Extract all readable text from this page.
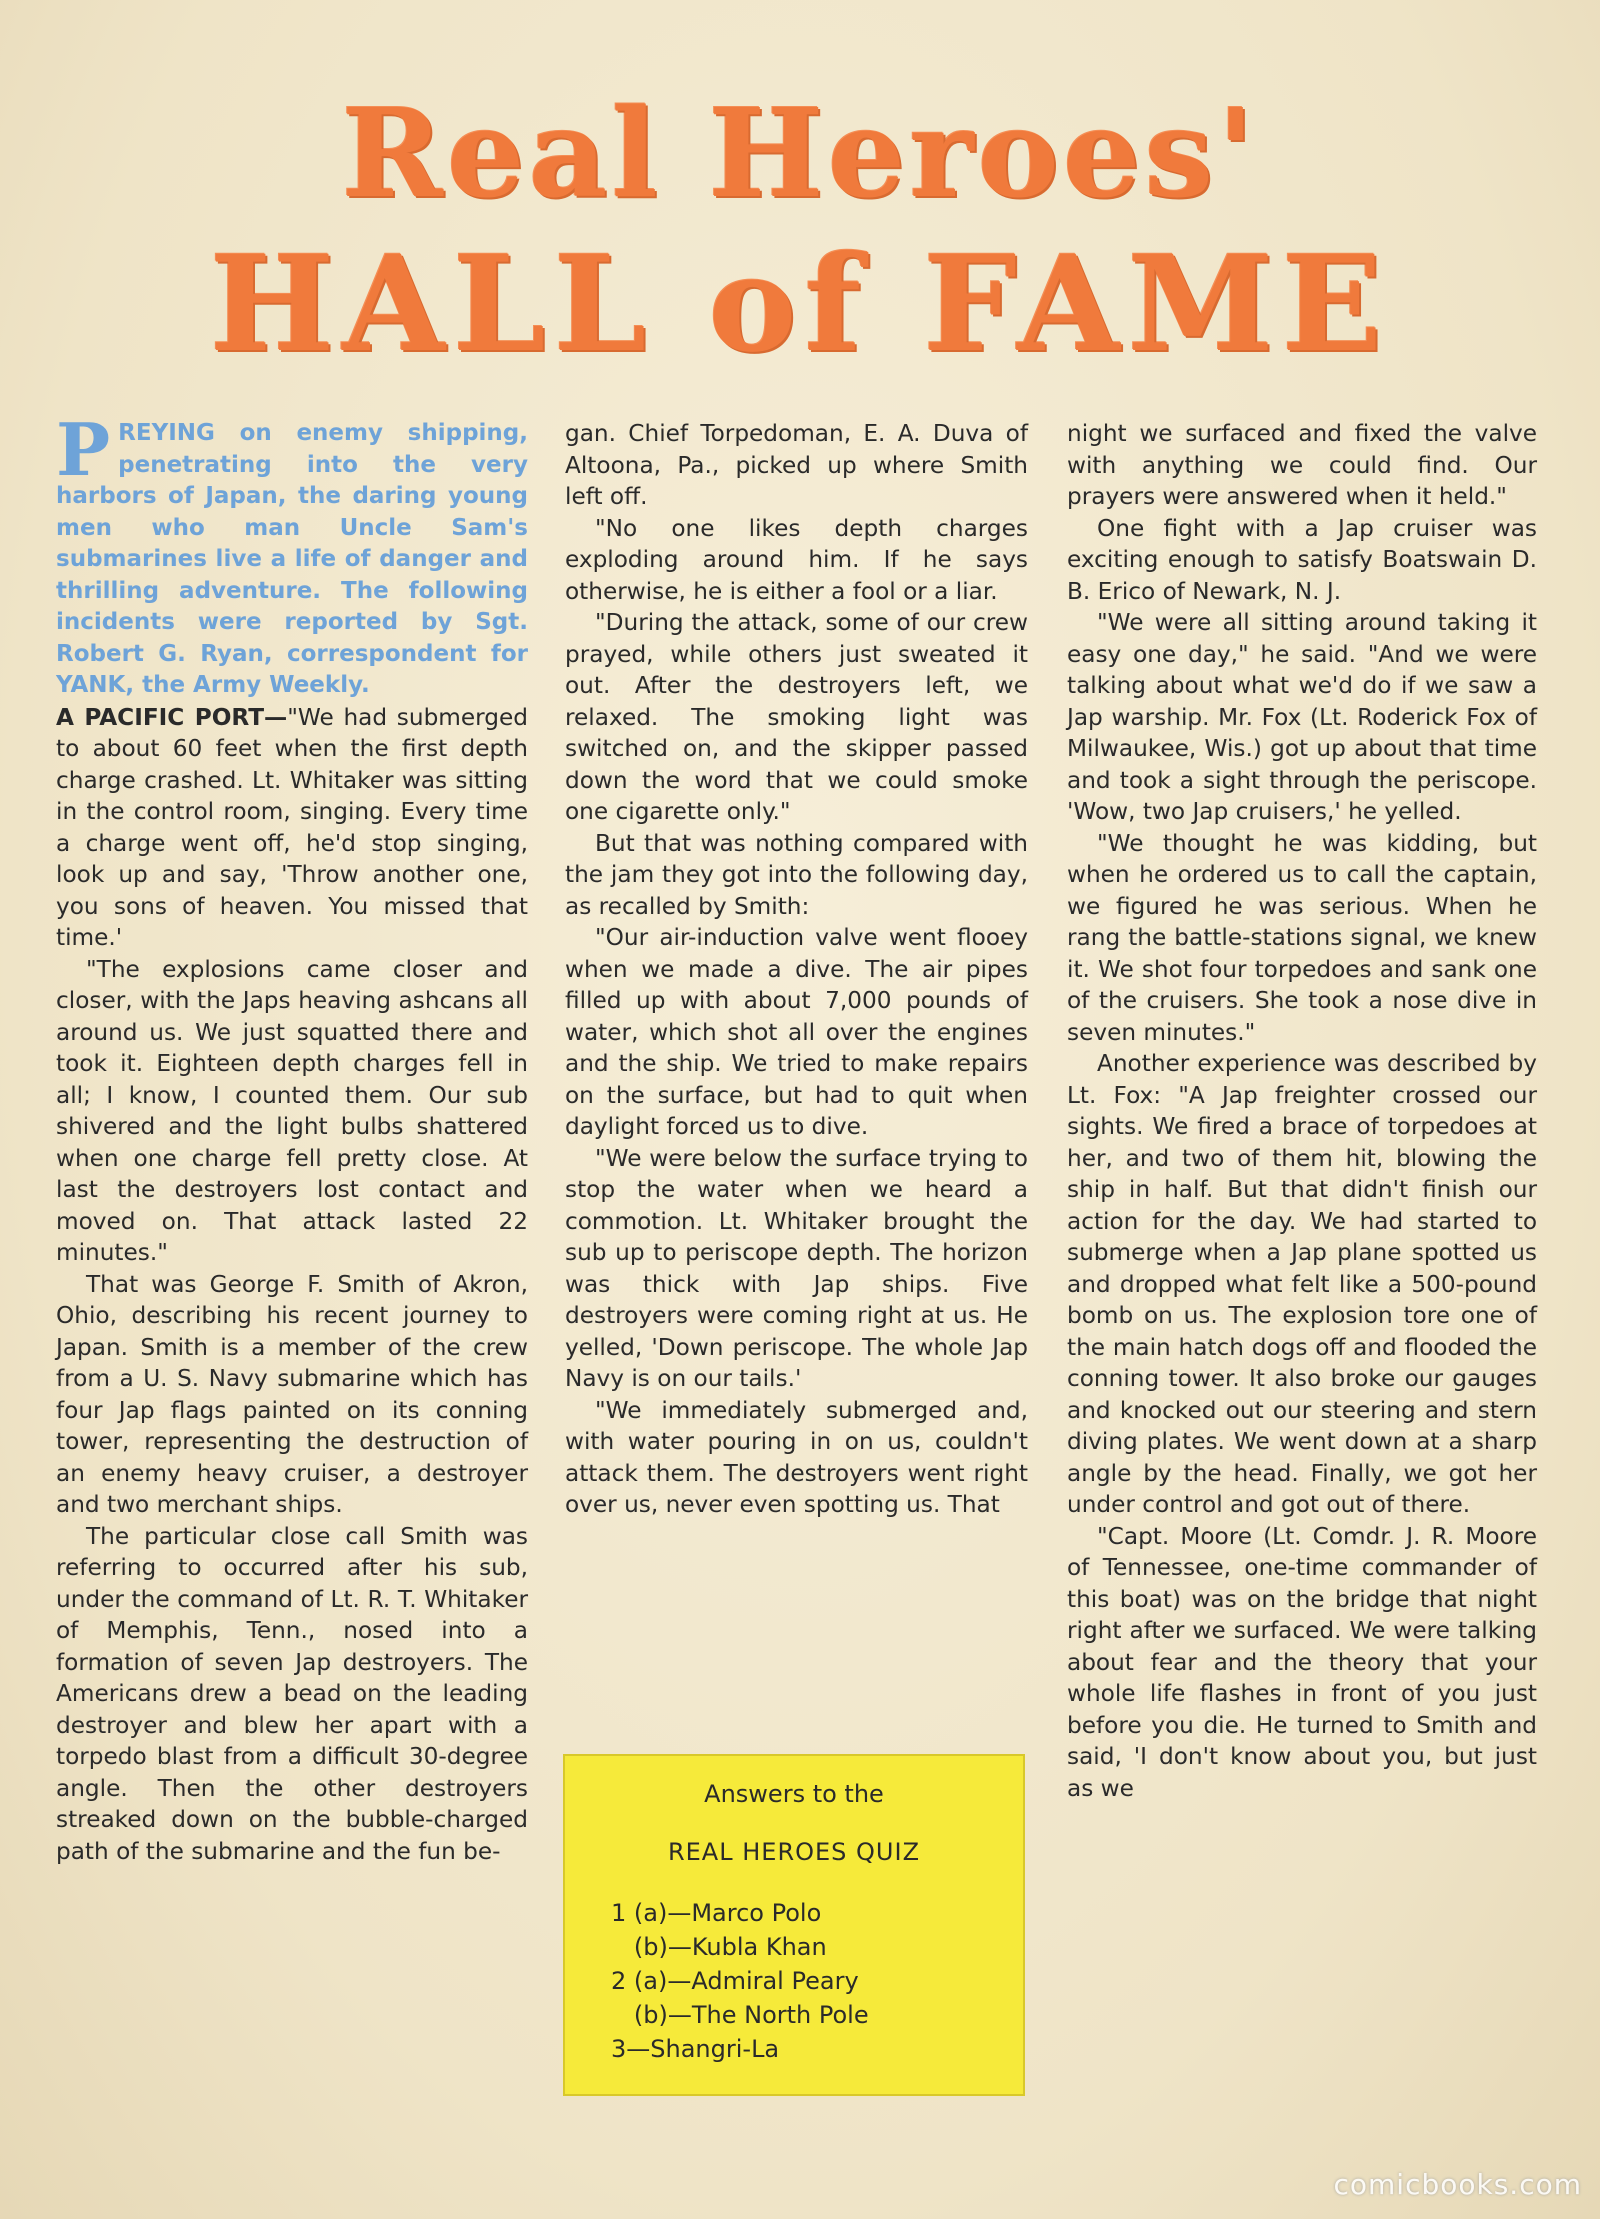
Real Heroes'
HALL of FAME

PREYING on enemy shipping, penetrating into the very harbors of Japan, the daring young men who man Uncle Sam's submarines live a life of danger and thrilling adventure. The following incidents were reported by Sgt. Robert G. Ryan, correspondent for YANK, the Army Weekly.

A PACIFIC PORT—"We had submerged to about 60 feet when the first depth charge crashed. Lt. Whitaker was sitting in the control room, singing. Every time a charge went off, he'd stop singing, look up and say, 'Throw another one, you sons of heaven. You missed that time.'

"The explosions came closer and closer, with the Japs heaving ashcans all around us. We just squatted there and took it. Eighteen depth charges fell in all; I know, I counted them. Our sub shivered and the light bulbs shattered when one charge fell pretty close. At last the destroyers lost contact and moved on. That attack lasted 22 minutes."

That was George F. Smith of Akron, Ohio, describing his recent journey to Japan. Smith is a member of the crew from a U. S. Navy submarine which has four Jap flags painted on its conning tower, representing the destruction of an enemy heavy cruiser, a destroyer and two merchant ships.

The particular close call Smith was referring to occurred after his sub, under the command of Lt. R. T. Whitaker of Memphis, Tenn., nosed into a formation of seven Jap destroyers. The Americans drew a bead on the leading destroyer and blew her apart with a torpedo blast from a difficult 30-degree angle. Then the other destroyers streaked down on the bubble-charged path of the submarine and the fun be-

gan. Chief Torpedoman, E. A. Duva of Altoona, Pa., picked up where Smith left off.

"No one likes depth charges exploding around him. If he says otherwise, he is either a fool or a liar.

"During the attack, some of our crew prayed, while others just sweated it out. After the destroyers left, we relaxed. The smoking light was switched on, and the skipper passed down the word that we could smoke one cigarette only."

But that was nothing compared with the jam they got into the following day, as recalled by Smith:

"Our air-induction valve went flooey when we made a dive. The air pipes filled up with about 7,000 pounds of water, which shot all over the engines and the ship. We tried to make repairs on the surface, but had to quit when daylight forced us to dive.

"We were below the surface trying to stop the water when we heard a commotion. Lt. Whitaker brought the sub up to periscope depth. The horizon was thick with Jap ships. Five destroyers were coming right at us. He yelled, 'Down periscope. The whole Jap Navy is on our tails.'

"We immediately submerged and, with water pouring in on us, couldn't attack them. The destroyers went right over us, never even spotting us. That

night we surfaced and fixed the valve with anything we could find. Our prayers were answered when it held."

One fight with a Jap cruiser was exciting enough to satisfy Boatswain D. B. Erico of Newark, N. J.

"We were all sitting around taking it easy one day," he said. "And we were talking about what we'd do if we saw a Jap warship. Mr. Fox (Lt. Roderick Fox of Milwaukee, Wis.) got up about that time and took a sight through the periscope. 'Wow, two Jap cruisers,' he yelled.

"We thought he was kidding, but when he ordered us to call the captain, we figured he was serious. When he rang the battle-stations signal, we knew it. We shot four torpedoes and sank one of the cruisers. She took a nose dive in seven minutes."

Another experience was described by Lt. Fox: "A Jap freighter crossed our sights. We fired a brace of torpedoes at her, and two of them hit, blowing the ship in half. But that didn't finish our action for the day. We had started to submerge when a Jap plane spotted us and dropped what felt like a 500-pound bomb on us. The explosion tore one of the main hatch dogs off and flooded the conning tower. It also broke our gauges and knocked out our steering and stern diving plates. We went down at a sharp angle by the head. Finally, we got her under control and got out of there.

"Capt. Moore (Lt. Comdr. J. R. Moore of Tennessee, one-time commander of this boat) was on the bridge that night right after we surfaced. We were talking about fear and the theory that your whole life flashes in front of you just before you die. He turned to Smith and said, 'I don't know about you, but just as we

Answers to the

REAL HEROES QUIZ

1 (a)—Marco Polo
(b)—Kubla Khan
2 (a)—Admiral Peary
(b)—The North Pole
3—Shangri-La
comicbooks.com
